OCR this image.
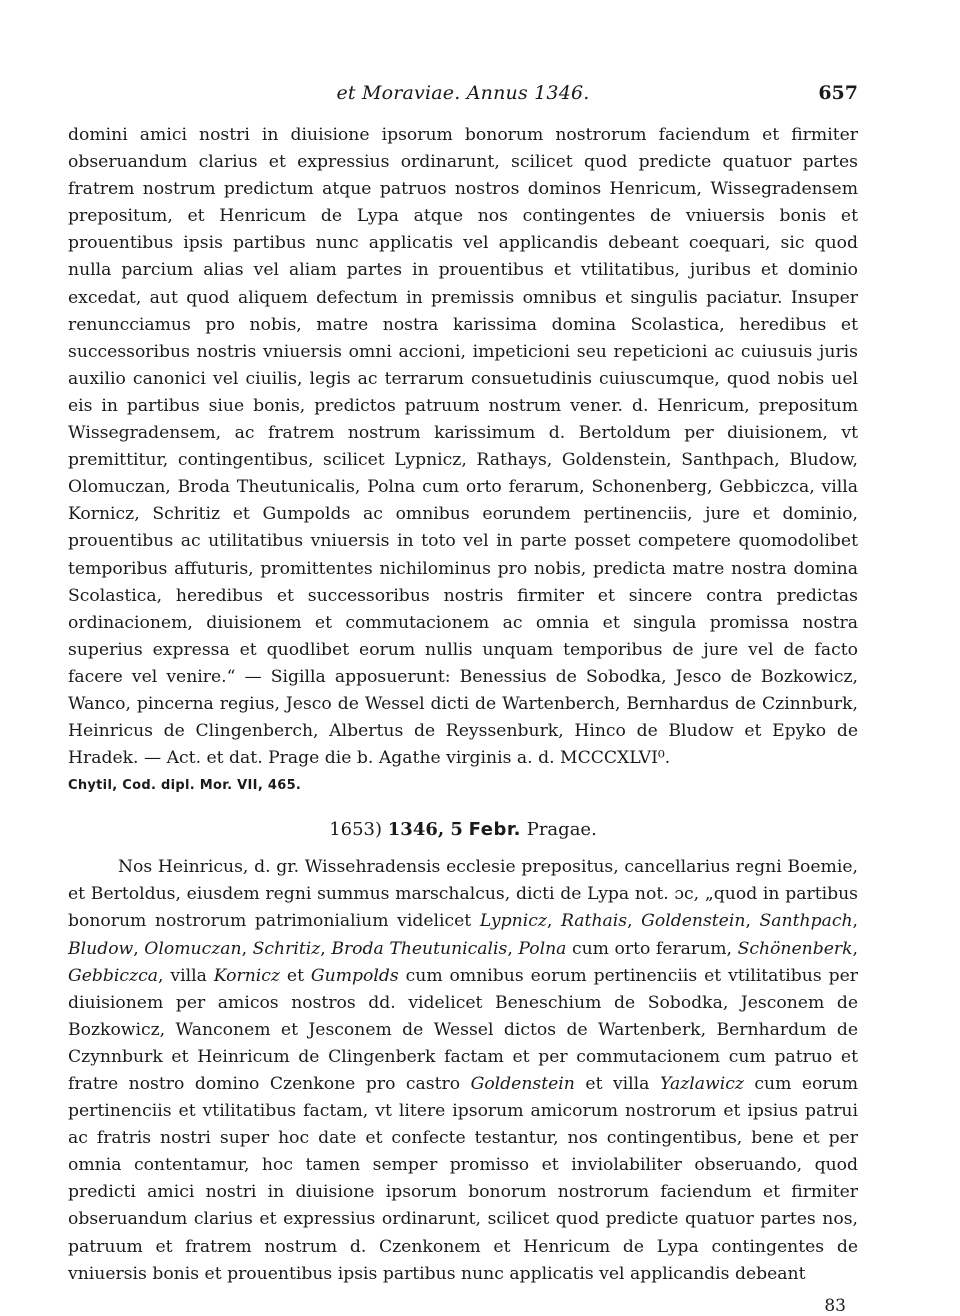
et Moraviae. Annus 1346.	657

domini amici nostri in diuisione ipsorum bonorum nostrorum faciendum et firmiter obseruandum clarius et expressius ordinarunt, scilicet quod predicte quatuor partes fratrem nostrum predictum atque patruos nostros dominos Henricum, Wissegradensem prepositum, et Henricum de Lypa atque nos contingentes de vniuersis bonis et prouentibus ipsis partibus nunc applicatis vel applicandis debeant coequari, sic quod nulla parcium alias vel aliam partes in prouentibus et vtilitatibus, juribus et dominio excedat, aut quod aliquem defectum in premissis omnibus et singulis paciatur. Insuper renuncciamus pro nobis, matre nostra karissima domina Scolastica, heredibus et successoribus nostris vniuersis omni accioni, impeticioni seu repeticioni ac cuiusuis juris auxilio canonici vel ciuilis, legis ac terrarum consuetudinis cuiuscumque, quod nobis uel eis in partibus siue bonis, predictos patruum nostrum vener. d. Henricum, prepositum Wissegradensem, ac fratrem nostrum karissimum d. Bertoldum per diuisionem, vt premittitur, contingentibus, scilicet Lypnicz, Rathays, Goldenstein, Santhpach, Bludow, Olomuczan, Broda Theutunicalis, Polna cum orto ferarum, Schonenberg, Gebbiczca, villa Kornicz, Schritiz et Gumpolds ac omnibus eorundem pertinenciis, jure et dominio, prouentibus ac utilitatibus vniuersis in toto vel in parte posset competere quomodolibet temporibus affuturis, promittentes nichilominus pro nobis, predicta matre nostra domina Scolastica, heredibus et successoribus nostris firmiter et sincere contra predictas ordinacionem, diuisionem et commutacionem ac omnia et singula promissa nostra superius expressa et quodlibet eorum nullis unquam temporibus de jure vel de facto facere vel venire.“ — Sigilla apposuerunt: Benessius de Sobodka, Jesco de Bozkowicz, Wanco, pincerna regius, Jesco de Wessel dicti de Wartenberch, Bernhardus de Czinnburk, Heinricus de Clingenberch, Albertus de Reyssenburk, Hinco de Bludow et Epyko de Hradek. — Act. et dat. Prage die b. Agathe virginis a. d. MCCCXLVI⁰.

Chytil, Cod. dipl. Mor. VII, 465.

1653) 1346, 5 Febr. Pragae.

Nos Heinricus, d. gr. Wissehradensis ecclesie prepositus, cancellarius regni Boemie, et Bertoldus, eiusdem regni summus marschalcus, dicti de Lypa not. ɔc, „quod in partibus bonorum nostrorum patrimonialium videlicet Lypnicz, Rathais, Goldenstein, Santhpach, Bludow, Olomuczan, Schritiz, Broda Theutunicalis, Polna cum orto ferarum, Schönenberk, Gebbiczca, villa Kornicz et Gumpolds cum omnibus eorum pertinenciis et vtilitatibus per diuisionem per amicos nostros dd. videlicet Beneschium de Sobodka, Jesconem de Bozkowicz, Wanconem et Jesconem de Wessel dictos de Wartenberk, Bernhardum de Czynnburk et Heinricum de Clingenberk factam et per commutacionem cum patruo et fratre nostro domino Czenkone pro castro Goldenstein et villa Yazlawicz cum eorum pertinenciis et vtilitatibus factam, vt litere ipsorum amicorum nostrorum et ipsius patrui ac fratris nostri super hoc date et confecte testantur, nos contingentibus, bene et per omnia contentamur, hoc tamen semper promisso et inviolabiliter obseruando, quod predicti amici nostri in diuisione ipsorum bonorum nostrorum faciendum et firmiter obseruandum clarius et expressius ordinarunt, scilicet quod predicte quatuor partes nos, patruum et fratrem nostrum d. Czenkonem et Henricum de Lypa contingentes de vniuersis bonis et prouentibus ipsis partibus nunc applicatis vel applicandis debeant

83
